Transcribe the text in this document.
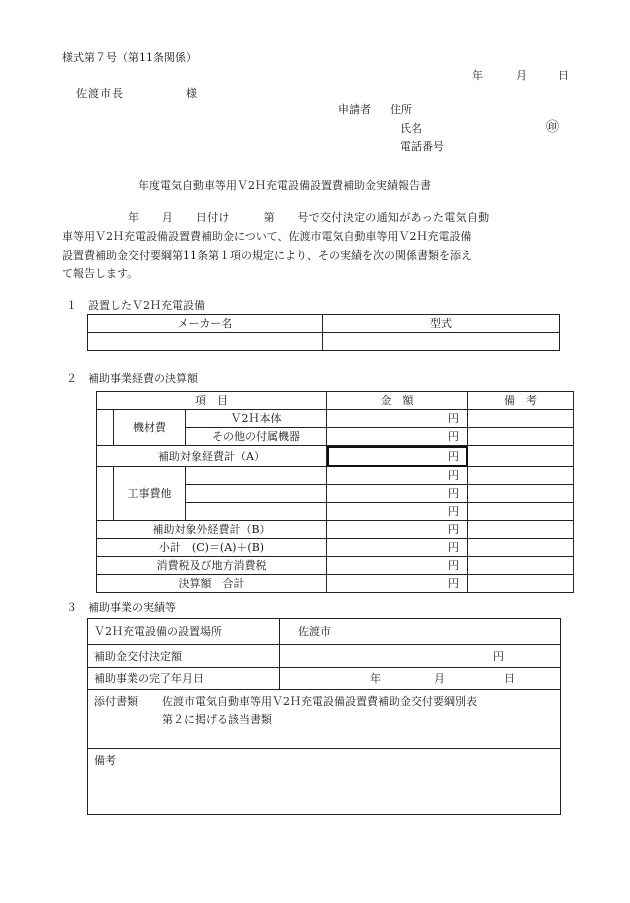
様式第７号（第11条関係）
年	月	日
佐渡市長	様
申請者 住所
氏名	㊞
電話番号
年度電気自動車等用Ｖ2Ｈ充電設備設置費補助金実績報告書
年　　月　　日付け　　　第　　号で交付決定の通知があった電気自動
車等用Ｖ2Ｈ充電設備設置費補助金について、佐渡市電気自動車等用Ｖ2Ｈ充電設備
設置費補助金交付要綱第11条第１項の規定により、その実績を次の関係書類を添え
て報告します。
１　設置したＶ2Ｈ充電設備
メーカー名	型式

２　補助事業経費の決算額
項　目			金　額	備　考
	機材費	Ｖ2Ｈ本体	円	
		その他の付属機器	円	
補助対象経費計（A）			円	
	工事費他		円	
			円	
			円	
補助対象外経費計（B）			円	
小計　(C)＝(A)＋(B)			円	
消費税及び地方消費税			円	
決算額　合計			円	
３　補助事業の実績等
Ｖ2Ｈ充電設備の設置場所	佐渡市
補助金交付決定額	円
補助事業の完了年月日	年 月 日

添付書類 佐渡市電気自動車等用Ｖ2Ｈ充電設備設置費補助金交付要綱別表
第２に掲げる該当書類	

備考	
